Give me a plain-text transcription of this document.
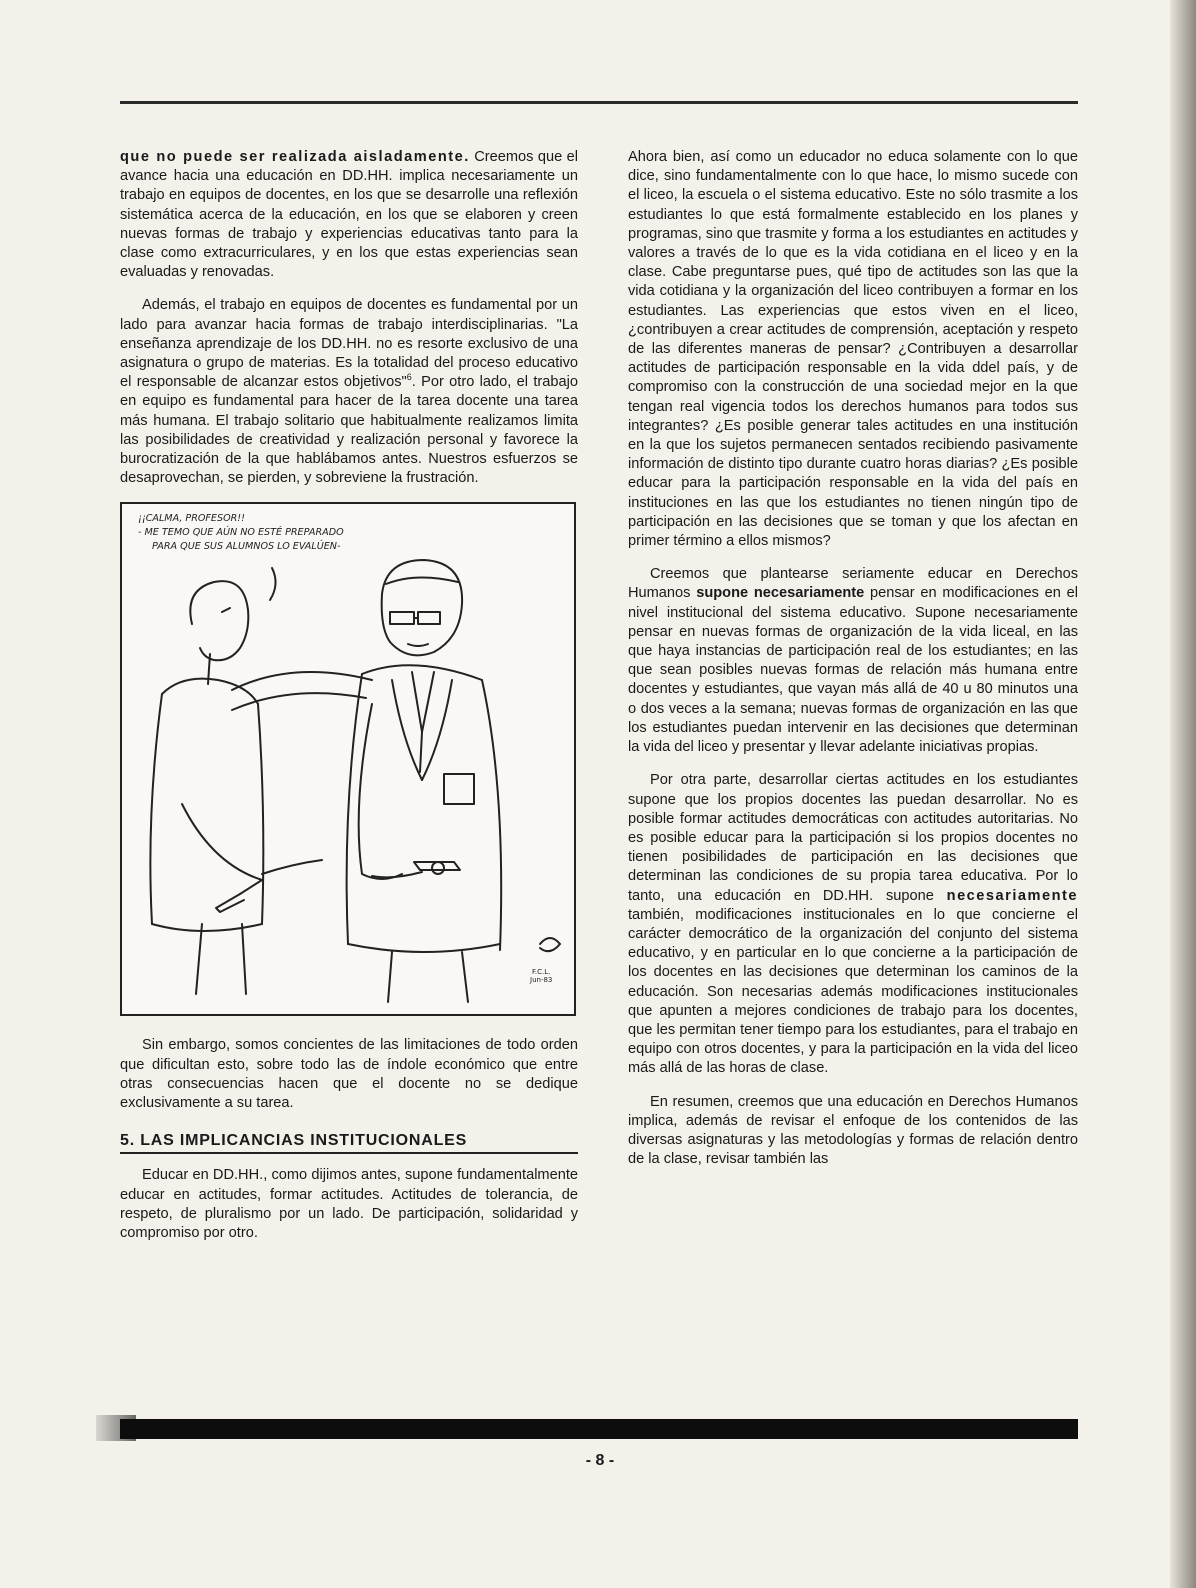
que no puede ser realizada aisladamente. Creemos que el avance hacia una educación en DD.HH. implica necesariamente un trabajo en equipos de docentes, en los que se desarrolle una reflexión sistemática acerca de la educación, en los que se elaboren y creen nuevas formas de trabajo y experiencias educativas tanto para la clase como extracurriculares, y en los que estas experiencias sean evaluadas y renovadas.

Además, el trabajo en equipos de docentes es fundamental por un lado para avanzar hacia formas de trabajo interdisciplinarias. "La enseñanza aprendizaje de los DD.HH. no es resorte exclusivo de una asignatura o grupo de materias. Es la totalidad del proceso educativo el responsable de alcanzar estos objetivos"$^6$. Por otro lado, el trabajo en equipo es fundamental para hacer de la tarea docente una tarea más humana. El trabajo solitario que habitualmente realizamos limita las posibilidades de creatividad y realización personal y favorece la burocratización de la que hablábamos antes. Nuestros esfuerzos se desaprovechan, se pierden, y sobreviene la frustración.

¡¡CALMA, PROFESOR!!
- ME TEMO QUE AÚN NO ESTÉ PREPARADO
PARA QUE SUS ALUMNOS LO EVALÚEN-
F.C.L.
Jun-83

Sin embargo, somos concientes de las limitaciones de todo orden que dificultan esto, sobre todo las de índole económico que entre otras consecuencias hacen que el docente no se dedique exclusivamente a su tarea.

5. LAS IMPLICANCIAS INSTITUCIONALES

Educar en DD.HH., como dijimos antes, supone fundamentalmente educar en actitudes, formar actitudes. Actitudes de tolerancia, de respeto, de pluralismo por un lado. De participación, solidaridad y compromiso por otro.

Ahora bien, así como un educador no educa solamente con lo que dice, sino fundamentalmente con lo que hace, lo mismo sucede con el liceo, la escuela o el sistema educativo. Este no sólo trasmite a los estudiantes lo que está formalmente establecido en los planes y programas, sino que trasmite y forma a los estudiantes en actitudes y valores a través de lo que es la vida cotidiana en el liceo y en la clase. Cabe preguntarse pues, qué tipo de actitudes son las que la vida cotidiana y la organización del liceo contribuyen a formar en los estudiantes. Las experiencias que estos viven en el liceo, ¿contribuyen a crear actitudes de comprensión, aceptación y respeto de las diferentes maneras de pensar? ¿Contribuyen a desarrollar actitudes de participación responsable en la vida ddel país, y de compromiso con la construcción de una sociedad mejor en la que tengan real vigencia todos los derechos humanos para todos sus integrantes? ¿Es posible generar tales actitudes en una institución en la que los sujetos permanecen sentados recibiendo pasivamente información de distinto tipo durante cuatro horas diarias? ¿Es posible educar para la participación responsable en la vida del país en instituciones en las que los estudiantes no tienen ningún tipo de participación en las decisiones que se toman y que los afectan en primer término a ellos mismos?

Creemos que plantearse seriamente educar en Derechos Humanos supone necesariamente pensar en modificaciones en el nivel institucional del sistema educativo. Supone necesariamente pensar en nuevas formas de organización de la vida liceal, en las que haya instancias de participación real de los estudiantes; en las que sean posibles nuevas formas de relación más humana entre docentes y estudiantes, que vayan más allá de 40 u 80 minutos una o dos veces a la semana; nuevas formas de organización en las que los estudiantes puedan intervenir en las decisiones que determinan la vida del liceo y presentar y llevar adelante iniciativas propias.

Por otra parte, desarrollar ciertas actitudes en los estudiantes supone que los propios docentes las puedan desarrollar. No es posible formar actitudes democráticas con actitudes autoritarias. No es posible educar para la participación si los propios docentes no tienen posibilidades de participación en las decisiones que determinan las condiciones de su propia tarea educativa. Por lo tanto, una educación en DD.HH. supone necesariamente también, modificaciones institucionales en lo que concierne el carácter democrático de la organización del conjunto del sistema educativo, y en particular en lo que concierne a la participación de los docentes en las decisiones que determinan los caminos de la educación. Son necesarias además modificaciones institucionales que apunten a mejores condiciones de trabajo para los docentes, que les permitan tener tiempo para los estudiantes, para el trabajo en equipo con otros docentes, y para la participación en la vida del liceo más allá de las horas de clase.

En resumen, creemos que una educación en Derechos Humanos implica, además de revisar el enfoque de los contenidos de las diversas asignaturas y las metodologías y formas de relación dentro de la clase, revisar también las

- 8 -
